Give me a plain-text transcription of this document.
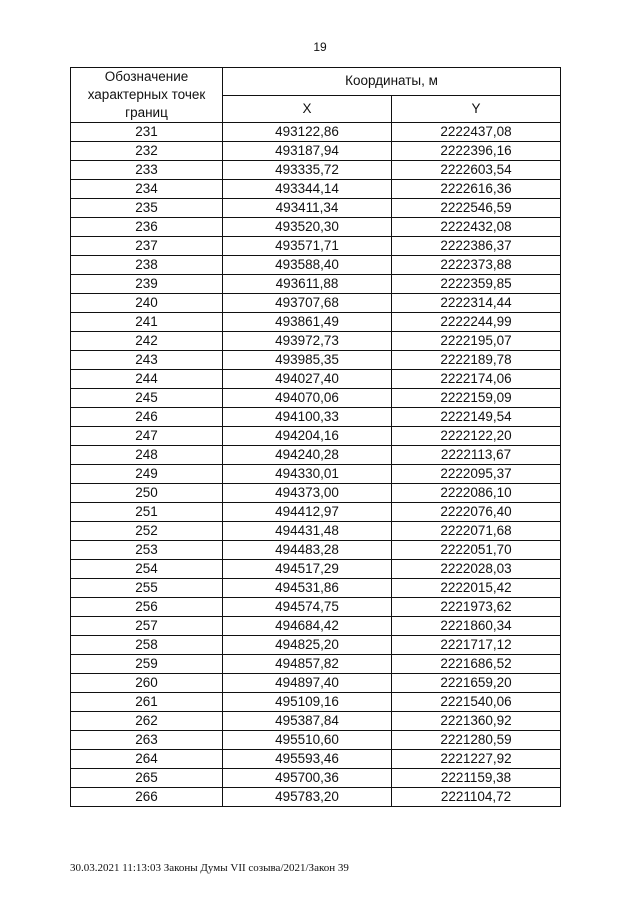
19
Обозначение характерных точек границ	Координаты, м	
	X	Y
231	493122,86	2222437,08
232	493187,94	2222396,16
233	493335,72	2222603,54
234	493344,14	2222616,36
235	493411,34	2222546,59
236	493520,30	2222432,08
237	493571,71	2222386,37
238	493588,40	2222373,88
239	493611,88	2222359,85
240	493707,68	2222314,44
241	493861,49	2222244,99
242	493972,73	2222195,07
243	493985,35	2222189,78
244	494027,40	2222174,06
245	494070,06	2222159,09
246	494100,33	2222149,54
247	494204,16	2222122,20
248	494240,28	2222113,67
249	494330,01	2222095,37
250	494373,00	2222086,10
251	494412,97	2222076,40
252	494431,48	2222071,68
253	494483,28	2222051,70
254	494517,29	2222028,03
255	494531,86	2222015,42
256	494574,75	2221973,62
257	494684,42	2221860,34
258	494825,20	2221717,12
259	494857,82	2221686,52
260	494897,40	2221659,20
261	495109,16	2221540,06
262	495387,84	2221360,92
263	495510,60	2221280,59
264	495593,46	2221227,92
265	495700,36	2221159,38
266	495783,20	2221104,72
30.03.2021 11:13:03 Законы Думы VII созыва/2021/Закон 39
